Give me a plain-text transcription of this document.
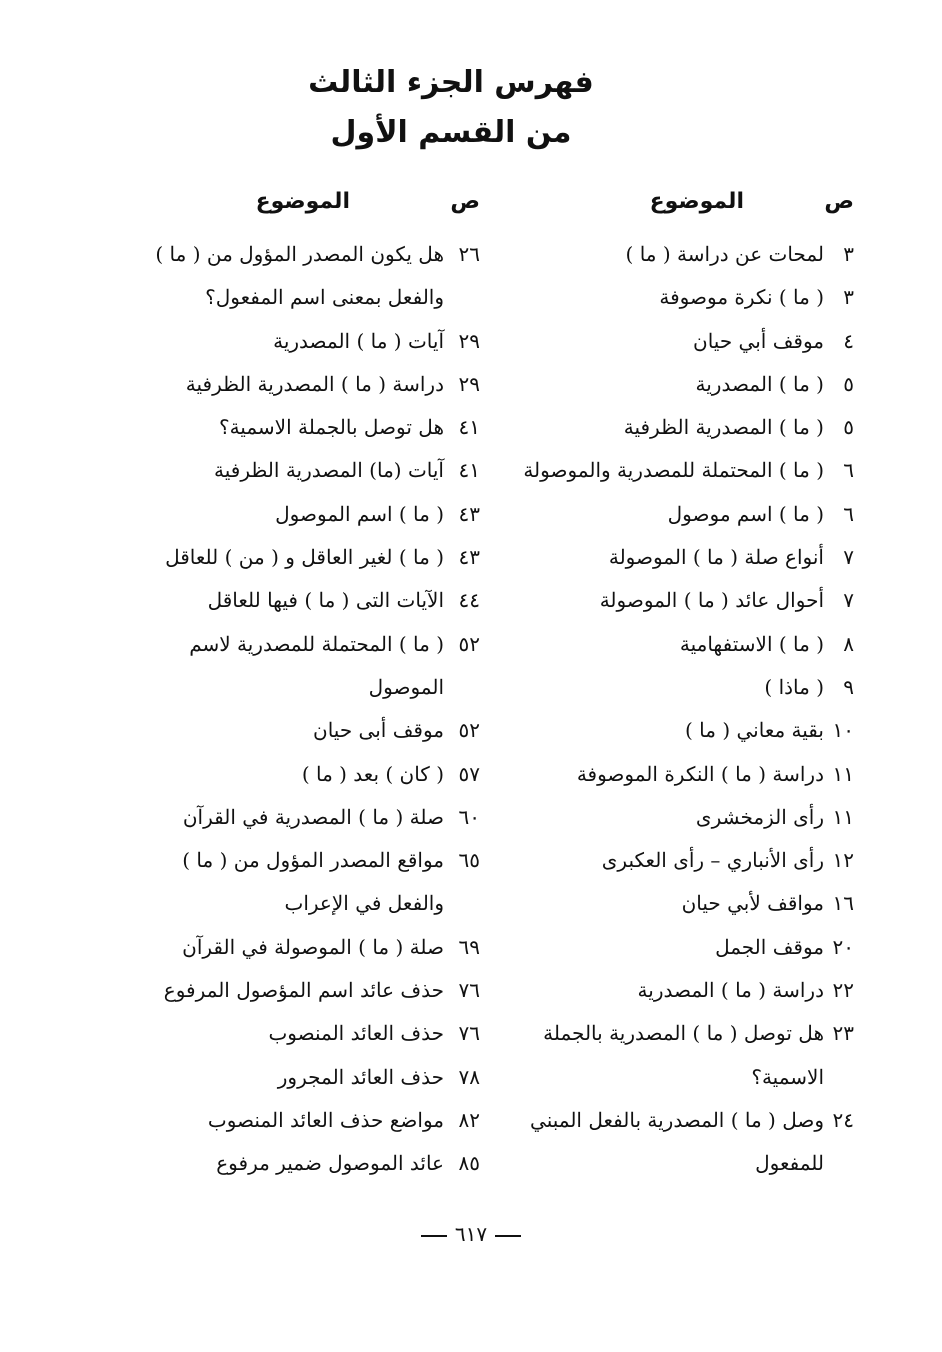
فهرس الجزء الثالث
من القسم الأول
ص
الموضوع
٣
لمحات عن دراسة ( ما )
٣
( ما ) نكرة موصوفة
٤
موقف أبي حيان
٥
( ما ) المصدرية
٥
( ما ) المصدرية الظرفية
٦
( ما ) المحتملة للمصدرية والموصولة
٦
( ما ) اسم موصول
٧
أنواع صلة ( ما ) الموصولة
٧
أحوال عائد ( ما ) الموصولة
٨
( ما ) الاستفهامية
٩
( ماذا )
١٠
بقية معاني ( ما )
١١
دراسة ( ما ) النكرة الموصوفة
١١
رأى الزمخشرى
١٢
رأى الأنباري – رأى العكبرى
١٦
مواقف لأبي حيان
٢٠
موقف الجمل
٢٢
دراسة ( ما ) المصدرية
٢٣
هل توصل ( ما ) المصدرية بالجملة الاسمية؟
٢٤
وصل ( ما ) المصدرية بالفعل المبني للمفعول
ص
الموضوع
٢٦
هل يكون المصدر المؤول من ( ما ) والفعل بمعنى اسم المفعول؟
٢٩
آيات ( ما ) المصدرية
٢٩
دراسة ( ما ) المصدرية الظرفية
٤١
هل توصل بالجملة الاسمية؟
٤١
آيات (ما) المصدرية الظرفية
٤٣
( ما ) اسم الموصول
٤٣
( ما ) لغير العاقل و ( من ) للعاقل
٤٤
الآيات التى ( ما ) فيها للعاقل
٥٢
( ما ) المحتملة للمصدرية لاسم الموصول
٥٢
موقف أبى حيان
٥٧
( كان ) بعد ( ما )
٦٠
صلة ( ما ) المصدرية في القرآن
٦٥
مواقع المصدر المؤول من ( ما ) والفعل في الإعراب
٦٩
صلة ( ما ) الموصولة في القرآن
٧٦
حذف عائد اسم المؤصول المرفوع
٧٦
حذف العائد المنصوب
٧٨
حذف العائد المجرور
٨٢
مواضع حذف العائد المنصوب
٨٥
عائد الموصول ضمير مرفوع
٦١٧
